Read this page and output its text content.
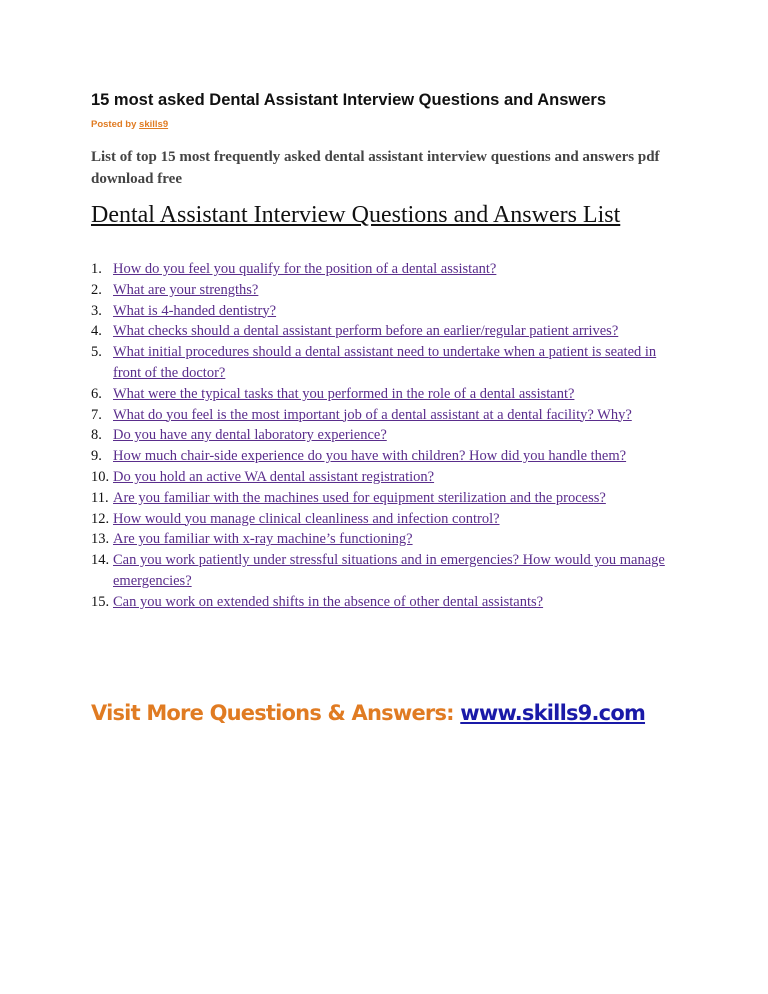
15 most asked Dental Assistant Interview Questions and Answers
Posted by skills9

List of top 15 most frequently asked dental assistant interview questions and answers pdf download free

Dental Assistant Interview Questions and Answers List
1. How do you feel you qualify for the position of a dental assistant?
2. What are your strengths?
3. What is 4-handed dentistry?
4. What checks should a dental assistant perform before an earlier/regular patient arrives?
5. What initial procedures should a dental assistant need to undertake when a patient is seated in front of the doctor?
6. What were the typical tasks that you performed in the role of a dental assistant?
7. What do you feel is the most important job of a dental assistant at a dental facility? Why?
8. Do you have any dental laboratory experience?
9. How much chair-side experience do you have with children? How did you handle them?
10. Do you hold an active WA dental assistant registration?
11. Are you familiar with the machines used for equipment sterilization and the process?
12. How would you manage clinical cleanliness and infection control?
13. Are you familiar with x-ray machine’s functioning?
14. Can you work patiently under stressful situations and in emergencies? How would you manage emergencies?
15. Can you work on extended shifts in the absence of other dental assistants?
Visit More Questions & Answers: www.skills9.com
